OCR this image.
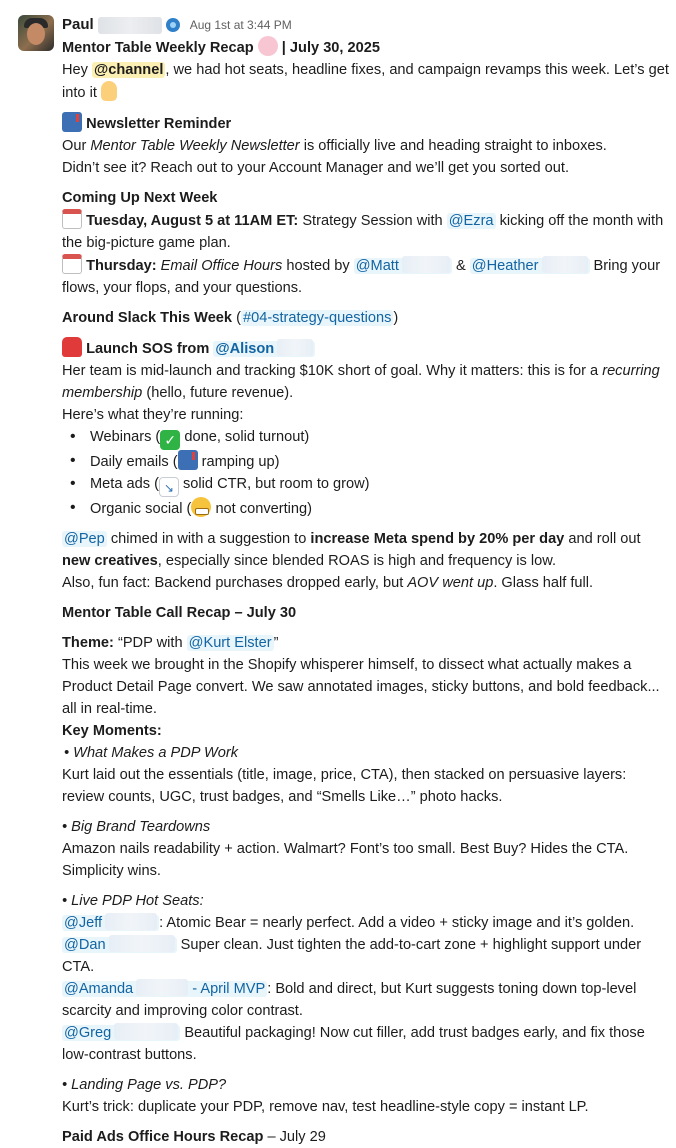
Paul	Aug 1st at 3:44 PM

Mentor Table Weekly Recap  | July 30, 2025

Hey @channel , we had hot seats, headline fixes, and campaign revamps this week. Let’s get into it

Newsletter Reminder

Our Mentor Table Weekly Newsletter is officially live and heading straight to inboxes.

Didn’t see it? Reach out to your Account Manager and we’ll get you sorted out.

Coming Up Next Week

Tuesday, August 5 at 11AM ET: Strategy Session with @Ezra kicking off the month with the big-picture game plan.

Thursday: Email Office Hours hosted by @Matt	& @Heather	Bring your flows, your flops, and your questions.

Around Slack This Week ( #04-strategy-questions )

Launch SOS from @Alison

Her team is mid-launch and tracking $10K short of goal. Why it matters: this is for a recurring membership (hello, future revenue).

Here’s what they’re running:

• Webinars ( ✓ done, solid turnout)
• Daily emails ( ramping up)
• Meta ads ( ↘ solid CTR, but room to grow)
• Organic social ( not converting)

@Pep chimed in with a suggestion to increase Meta spend by 20% per day and roll out new creatives, especially since blended ROAS is high and frequency is low.

Also, fun fact: Backend purchases dropped early, but AOV went up. Glass half full.

Mentor Table Call Recap – July 30

Theme: “PDP with @Kurt Elster ”

This week we brought in the Shopify whisperer himself, to dissect what actually makes a Product Detail Page convert. We saw annotated images, sticky buttons, and bold feedback... all in real-time.

Key Moments:

• What Makes a PDP Work

Kurt laid out the essentials (title, image, price, CTA), then stacked on persuasive layers: review counts, UGC, trust badges, and “Smells Like…” photo hacks.

• Big Brand Teardowns

Amazon nails readability + action. Walmart? Font’s too small. Best Buy? Hides the CTA. Simplicity wins.

• Live PDP Hot Seats:

@Jeff	: Atomic Bear = nearly perfect. Add a video + sticky image and it’s golden.

@Dan	Super clean. Just tighten the add-to-cart zone + highlight support under CTA.

@Amanda	- April MVP : Bold and direct, but Kurt suggests toning down top-level scarcity and improving color contrast.

@Greg	Beautiful packaging! Now cut filler, add trust badges early, and fix those low-contrast buttons.

• Landing Page vs. PDP?

Kurt’s trick: duplicate your PDP, remove nav, test headline-style copy = instant LP.

Paid Ads Office Hours Recap – July 29
